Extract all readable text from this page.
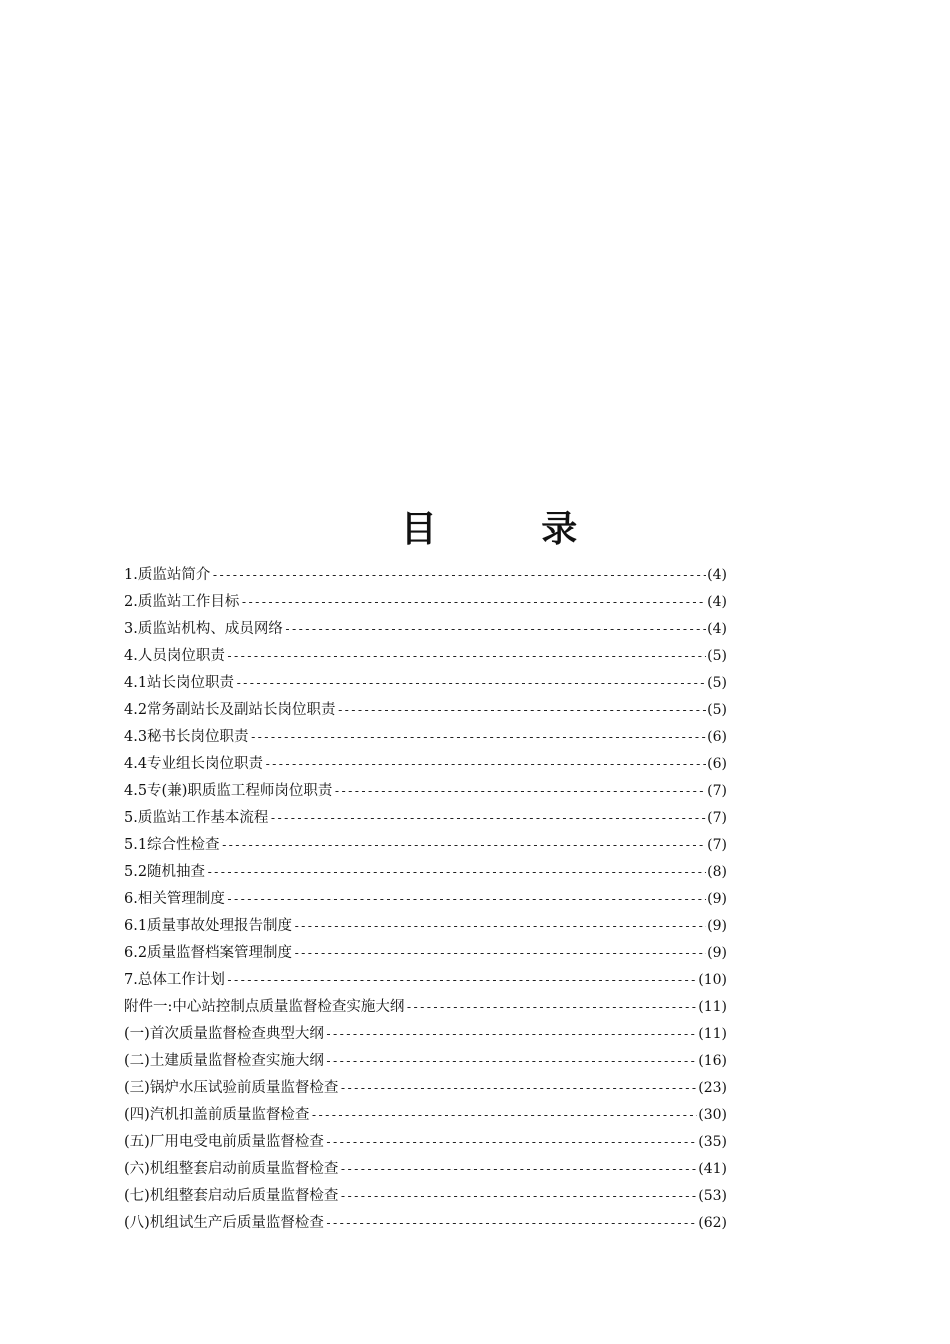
目 录
1.质监站简介 -----	(4)
2.质监站工作目标 -----	(4)
3.质监站机构、成员网络 -----	(4)
4.人员岗位职责 -----	(5)
4.1站长岗位职责 -----	(5)
4.2常务副站长及副站长岗位职责 -----	(5)
4.3秘书长岗位职责 -----	(6)
4.4专业组长岗位职责 -----	(6)
4.5专(兼)职质监工程师岗位职责 -----	(7)
5.质监站工作基本流程 -----	(7)
5.1综合性检查 -----	(7)
5.2随机抽查 -----	(8)
6.相关管理制度 -----	(9)
6.1质量事故处理报告制度 -----	(9)
6.2质量监督档案管理制度 -----	(9)
7.总体工作计划 -----	(10)
附件一:中心站控制点质量监督检查实施大纲 -----	(11)
(一)首次质量监督检查典型大纲 -----	(11)
(二)土建质量监督检查实施大纲 -----	(16)
(三)锅炉水压试验前质量监督检查 -----	(23)
(四)汽机扣盖前质量监督检查 -----	(30)
(五)厂用电受电前质量监督检查 -----	(35)
(六)机组整套启动前质量监督检查 -----	(41)
(七)机组整套启动后质量监督检查 -----	(53)
(八)机组试生产后质量监督检查 -----	(62)
